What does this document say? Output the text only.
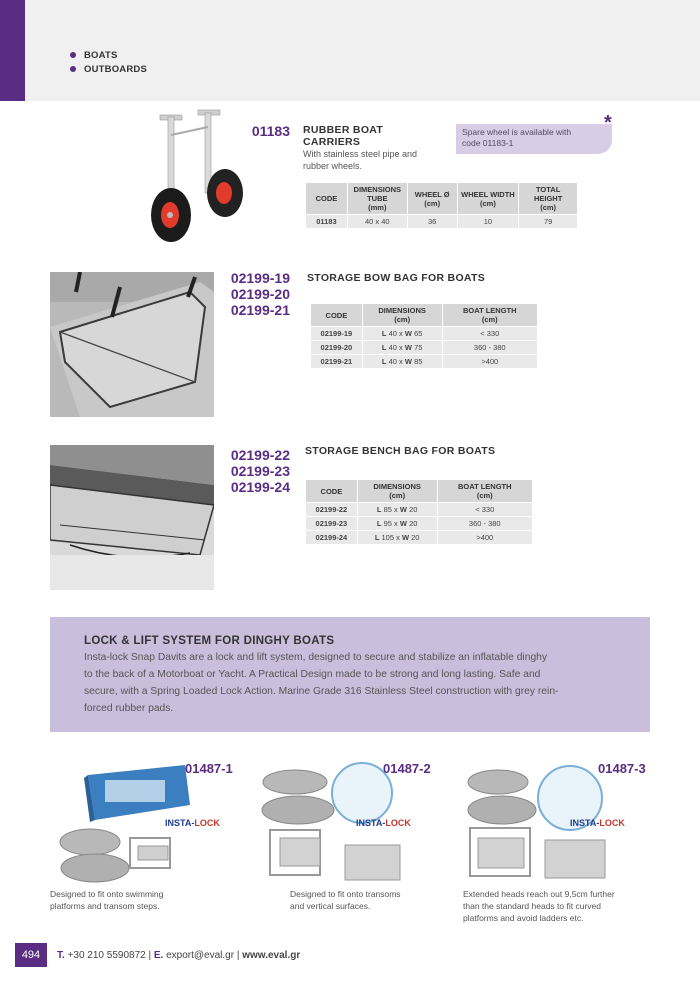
BOATS
OUTBOARDS
01183 RUBBER BOAT
CARRIERS
With stainless steel pipe and
rubber wheels.
Spare wheel is available with
code 01183-1
*
CODE	DIMENSIONS
TUBE
(mm)	WHEEL Ø
(cm)	WHEEL WIDTH
(cm)	TOTAL HEIGHT
(cm)
01183	40 x 40	36	10	79
02199-19
02199-20
02199-21
STORAGE BOW BAG FOR BOATS
CODE	DIMENSIONS
(cm)	BOAT LENGTH
(cm)
02199-19	L 40 x W 65	< 330
02199-20	L 40 x W 75	360 - 380
02199-21	L 40 x W 85	>400
02199-22
02199-23
02199-24
STORAGE BENCH BAG FOR BOATS
CODE	DIMENSIONS
(cm)	BOAT LENGTH
(cm)
02199-22	L 85 x W 20	< 330
02199-23	L 95 x W 20	360 - 380
02199-24	L 105 x W 20	>400
LOCK & LIFT SYSTEM FOR DINGHY BOATS
Insta-lock Snap Davits are a lock and lift system, designed to secure and stabilize an inflatable dinghy
to the back of a Motorboat or Yacht. A Practical Design made to be strong and long lasting. Safe and
secure, with a Spring Loaded Lock Action. Marine Grade 316 Stainless Steel construction with grey rein-
forced rubber pads.
INSTA-LOCK
01487-1
Designed to fit onto swimming
platforms and transom steps.
INSTA-LOCK
01487-2
Designed to fit onto transoms
and vertical surfaces.
INSTA-LOCK
01487-3
Extended heads reach out 9,5cm further
than the standard heads to fit curved
platforms and avoid ladders etc.
494	T. +30 210 5590872 | E. export@eval.gr | www.eval.gr
